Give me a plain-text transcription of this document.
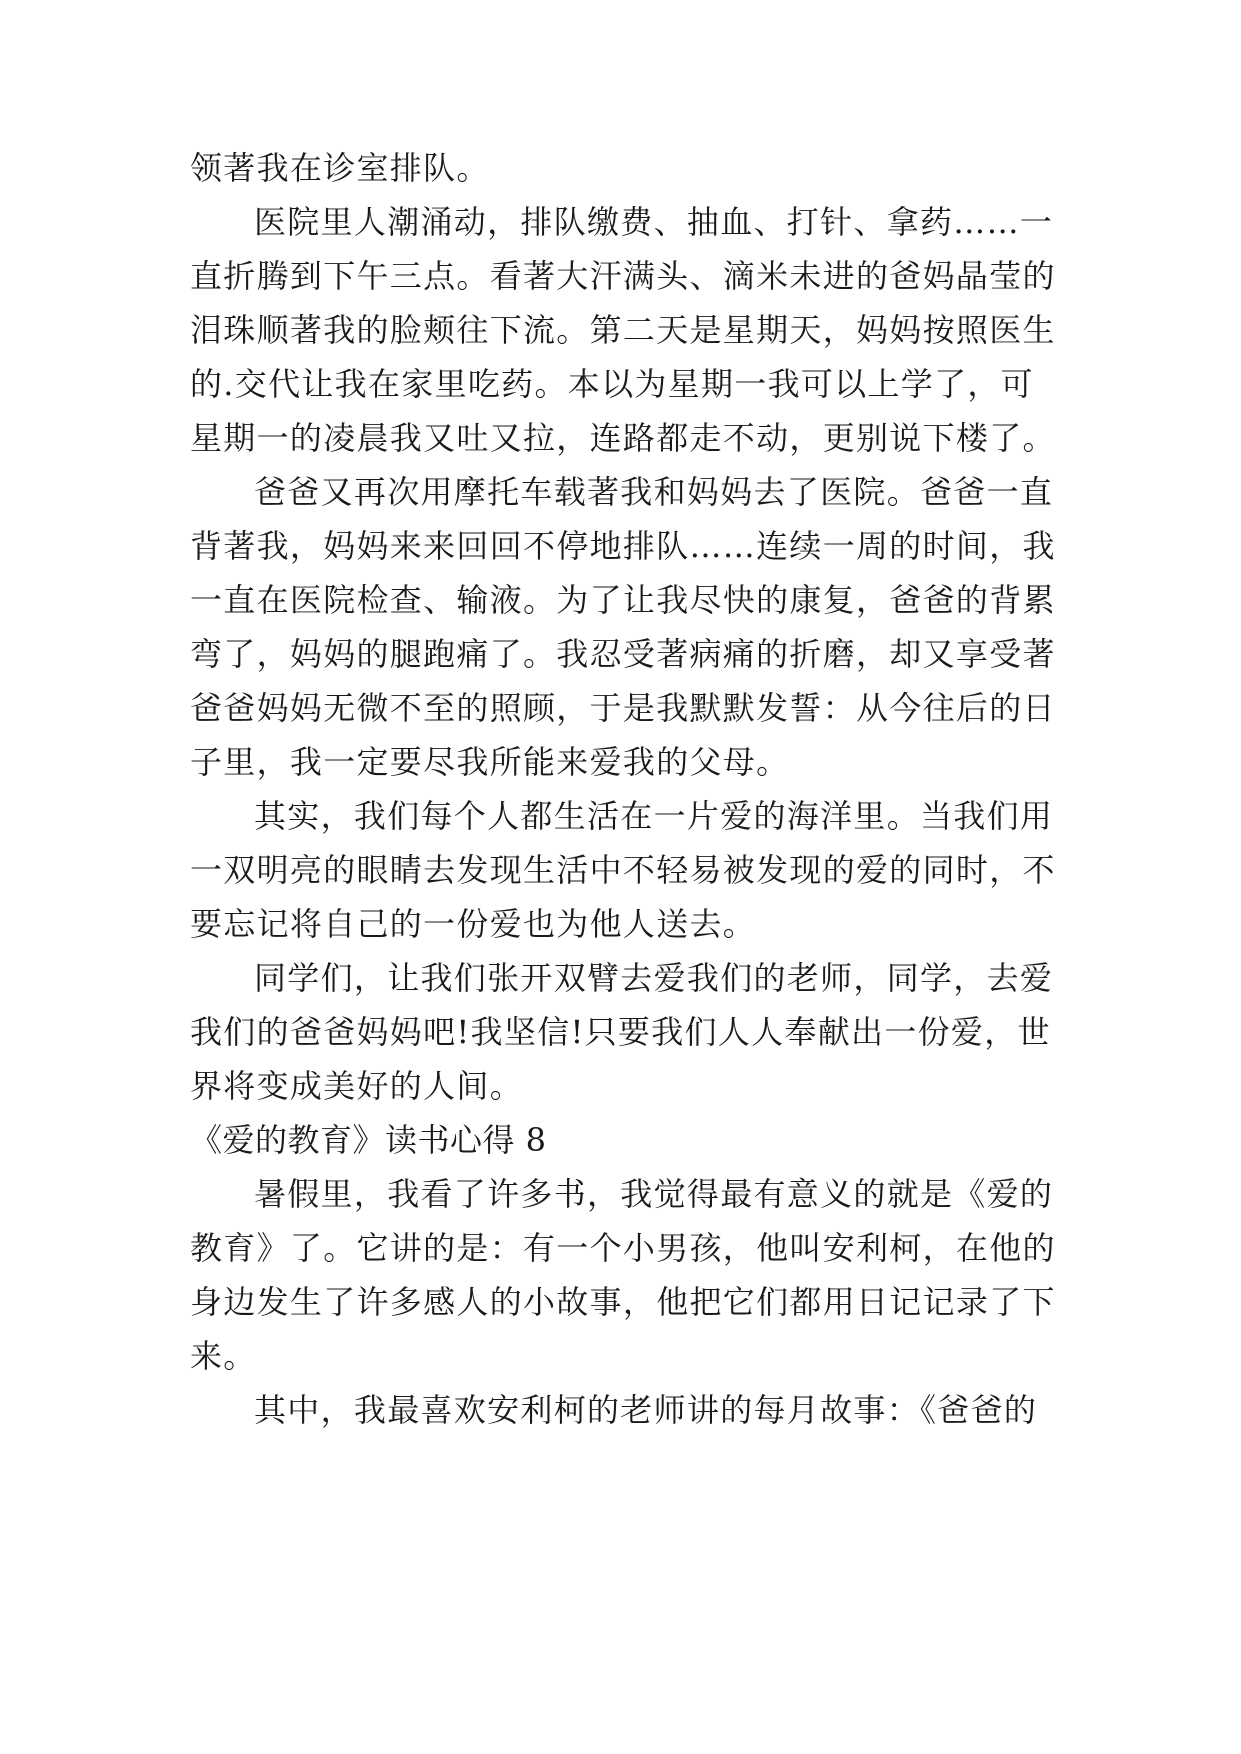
领著我在诊室排队。
医院里人潮涌动，排队缴费、抽血、打针、拿药……一
直折腾到下午三点。看著大汗满头、滴米未进的爸妈晶莹的
泪珠顺著我的脸颊往下流。第二天是星期天，妈妈按照医生
的.交代让我在家里吃药。本以为星期一我可以上学了，可
星期一的凌晨我又吐又拉，连路都走不动，更别说下楼了。
爸爸又再次用摩托车载著我和妈妈去了医院。爸爸一直
背著我，妈妈来来回回不停地排队……连续一周的时间，我
一直在医院检查、输液。为了让我尽快的康复，爸爸的背累
弯了，妈妈的腿跑痛了。我忍受著病痛的折磨，却又享受著
爸爸妈妈无微不至的照顾，于是我默默发誓：从今往后的日
子里，我一定要尽我所能来爱我的父母。
其实，我们每个人都生活在一片爱的海洋里。当我们用
一双明亮的眼睛去发现生活中不轻易被发现的爱的同时，不
要忘记将自己的一份爱也为他人送去。
同学们，让我们张开双臂去爱我们的老师，同学，去爱
我们的爸爸妈妈吧!我坚信!只要我们人人奉献出一份爱，世
界将变成美好的人间。
《爱的教育》读书心得 8
暑假里，我看了许多书，我觉得最有意义的就是《爱的
教育》了。它讲的是：有一个小男孩，他叫安利柯，在他的
身边发生了许多感人的小故事，他把它们都用日记记录了下
来。
其中，我最喜欢安利柯的老师讲的每月故事：《爸爸的
